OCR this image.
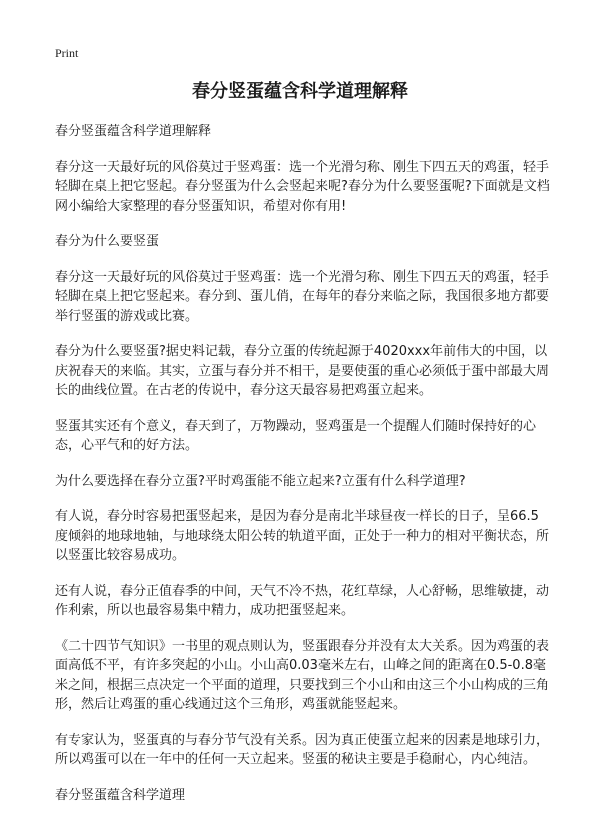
Print
春分竖蛋蕴含科学道理解释

春分竖蛋蕴含科学道理解释

春分这一天最好玩的风俗莫过于竖鸡蛋：选一个光滑匀称、刚生下四五天的鸡蛋，轻手轻脚在桌上把它竖起。春分竖蛋为什么会竖起来呢?春分为什么要竖蛋呢?下面就是文档网小编给大家整理的春分竖蛋知识，希望对你有用!

春分为什么要竖蛋

春分这一天最好玩的风俗莫过于竖鸡蛋：选一个光滑匀称、刚生下四五天的鸡蛋，轻手轻脚在桌上把它竖起来。春分到、蛋儿俏，在每年的春分来临之际，我国很多地方都要举行竖蛋的游戏或比赛。

春分为什么要竖蛋?据史料记载，春分立蛋的传统起源于4020xxx年前伟大的中国，以庆祝春天的来临。其实，立蛋与春分并不相干，是要使蛋的重心必须低于蛋中部最大周长的曲线位置。在古老的传说中，春分这天最容易把鸡蛋立起来。

竖蛋其实还有个意义，春天到了，万物躁动，竖鸡蛋是一个提醒人们随时保持好的心态，心平气和的好方法。

为什么要选择在春分立蛋?平时鸡蛋能不能立起来?立蛋有什么科学道理?

有人说，春分时容易把蛋竖起来，是因为春分是南北半球昼夜一样长的日子，呈66.5度倾斜的地球地轴，与地球绕太阳公转的轨道平面，正处于一种力的相对平衡状态，所以竖蛋比较容易成功。

还有人说，春分正值春季的中间，天气不冷不热，花红草绿，人心舒畅，思维敏捷，动作利索，所以也最容易集中精力，成功把蛋竖起来。

《二十四节气知识》一书里的观点则认为，竖蛋跟春分并没有太大关系。因为鸡蛋的表面高低不平，有许多突起的小山。小山高0.03毫米左右，山峰之间的距离在0.5-0.8毫米之间，根据三点决定一个平面的道理，只要找到三个小山和由这三个小山构成的三角形，然后让鸡蛋的重心线通过这个三角形，鸡蛋就能竖起来。

有专家认为，竖蛋真的与春分节气没有关系。因为真正使蛋立起来的因素是地球引力，所以鸡蛋可以在一年中的任何一天立起来。竖蛋的秘诀主要是手稳耐心，内心纯洁。

春分竖蛋蕴含科学道理
